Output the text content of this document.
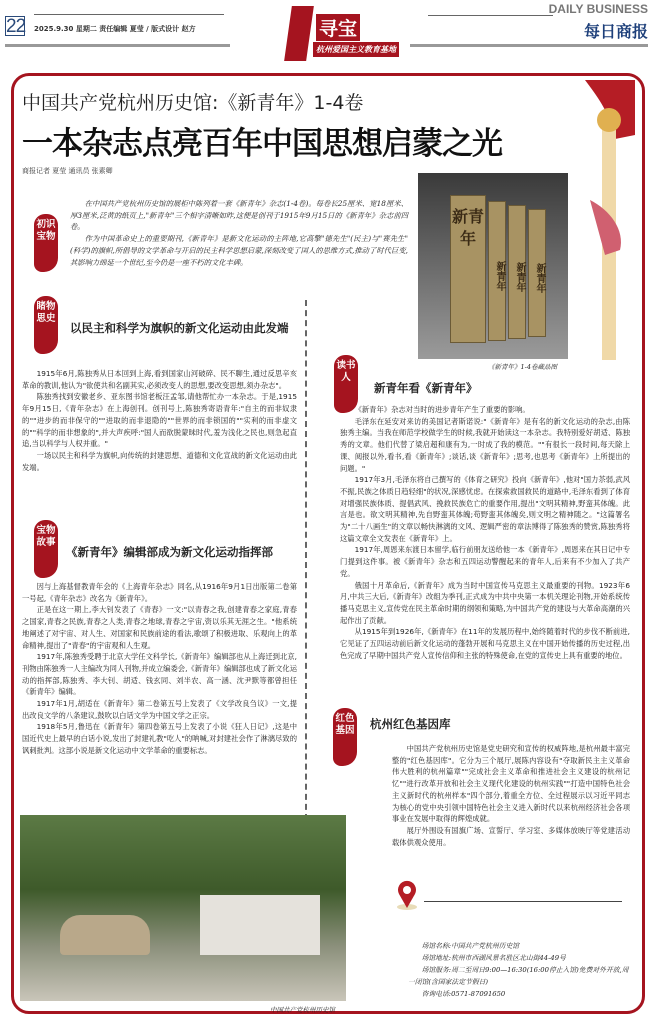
22 2025.9.30 星期二 责任编辑 夏莹 / 版式设计 赵方	寻宝
杭州爱国主义教育基地
DAILY BUSINESS
每日商报
中国共产党杭州历史馆:《新青年》1-4卷
一本杂志点亮百年中国思想启蒙之光
商报记者 夏莹 通讯员 张素卿
初识宝物

在中国共产党杭州历史馆的展柜中陈列着一套《新青年》杂志(1-4卷)。每卷长25厘米、宽18厘米、厚3厘米,泛黄的纸页上,"新青年"三个相字清晰如昨,这便是创刊于1915年9月15日的《新青年》杂志前四卷。

作为中国革命史上的重要期刊,《新青年》是新文化运动的主阵地,它高擎"德先生"(民主)与"赛先生"(科学)的旗帜,所倡导的文学革命与开启的民主科学思想启蒙,深刻改变了国人的思维方式,推动了时代巨变,其影响力绵延一个世纪,至今仍是一座不朽的文化丰碑。

新青年
新青年 新青年 新青年
《新青年》1-4卷藏品图
睹物思史
以民主和科学为旗帜的新文化运动由此发端

1915年6月,陈独秀从日本回到上海,看到国家山河破碎、民不聊生,通过反思辛亥革命的教训,他认为"欲使共和名副其实,必须改变人的思想,要改变思想,须办杂志"。

陈独秀找到安徽老乡、亚东图书馆老板汪孟邹,请他帮忙办一本杂志。于是,1915年9月15日,《青年杂志》在上海创刊。创刊号上,陈独秀寄语青年:"自主的而非奴隶的""进步的而非保守的""进取的而非退隐的""世界的而非锁国的""实利的而非虚文的""科学的而非想象的",并大声疾呼:"国人而欲脱蒙昧时代,羞为浅化之民也,则急起直追,当以科学与人权并重。"

一场以民主和科学为旗帜,向传统的封建思想、道德和文化宣战的新文化运动由此发端。

宝物故事
《新青年》编辑部成为新文化运动指挥部

因与上海基督教青年会的《上海青年杂志》同名,从1916年9月1日出版第二卷第一号起,《青年杂志》改名为《新青年》。

正是在这一期上,李大钊发表了《青春》一文:"以青春之我,创建青春之家庭,青春之国家,青春之民族,青春之人类,青春之地球,青春之宇宙,资以乐其无涯之生。"他系统地阐述了对宇宙、对人生、对国家和民族前途的看法,歌颂了积极进取、乐观向上的革命精神,提出了"青春"的宇宙观和人生观。

1917年,陈独秀受聘于北京大学任文科学长,《新青年》编辑部也从上海迁到北京,刊物由陈独秀一人主编改为同人刊物,并成立编委会,《新青年》编辑部也成了新文化运动的指挥部,陈独秀、李大钊、胡适、钱玄同、刘半农、高一涵、沈尹默等都曾担任《新青年》编辑。

1917年1月,胡适在《新青年》第二卷第五号上发表了《文学改良刍议》一文,提出改良文学的八条建议,鼓吹以白话文学为中国文学之正宗。

1918年5月,鲁迅在《新青年》第四卷第五号上发表了小说《狂人日记》,这是中国近代史上最早的白话小说,发出了封建礼教"吃人"的呐喊,对封建社会作了淋漓尽致的讽刺批判。这部小说是新文化运动中文学革命的重要标志。

读书人
新青年看《新青年》

《新青年》杂志对当时的进步青年产生了重要的影响。

毛泽东在延安对来访的美国记者斯诺说:"《新青年》是有名的新文化运动的杂志,由陈独秀主编。当我在师范学校做学生的时候,我就开始读这一本杂志。我特别爱好胡适、陈独秀的文章。他们代替了梁启超和康有为,一时成了我的模范。""有很长一段时间,每天除上课、阅报以外,看书,看《新青年》;谈话,谈《新青年》;思考,也思考《新青年》上所提出的问题。"

1917年3月,毛泽东将自己撰写的《体育之研究》投向《新青年》,他对"国力苶弱,武风不振,民族之体质日趋轻细"的状况,深感忧虑。在探索救国救民的道路中,毛泽东看到了体育对增强民族体质、提倡武风、挽救民族危亡的重要作用,提出"文明其精神,野蛮其体魄。此言是也。欲文明其精神,先自野蛮其体魄;苟野蛮其体魄矣,则文明之精神随之。"这篇署名为"二十八画生"的文章以畅快淋漓的文风、逻辑严密的章法博得了陈独秀的赞赏,陈独秀将这篇文章全文发表在《新青年》上。

1917年,周恩来东渡日本留学,临行前朋友送给他一本《新青年》,周恩来在其日记中专门提到这件事。被《新青年》杂志和五四运动警醒起来的青年人,后来有不少加入了共产党。

俄国十月革命后,《新青年》成为当时中国宣传马克思主义最重要的刊物。1923年6月,中共三大后,《新青年》改组为季刊,正式成为中共中央第一本机关理论刊物,开始系统传播马克思主义,宣传党在民主革命时期的纲领和策略,为中国共产党的建设与大革命高潮的兴起作出了贡献。

从1915年到1926年,《新青年》在11年的发展历程中,始终随着时代的步伐不断前进,它见证了五四运动前后新文化运动的蓬勃开展和马克思主义在中国开始传播的历史过程,出色完成了早期中国共产党人宣传信仰和主张的特殊使命,在党的宣传史上具有重要的地位。

红色基因 杭州红色基因库

中国共产党杭州历史馆是党史研究和宣传的权威阵地,是杭州最丰富完整的"红色基因库"。它分为三个展厅,展陈内容设有"夺取新民主主义革命伟大胜利的杭州篇章""完成社会主义革命和推进社会主义建设的杭州记忆""进行改革开放和社会主义现代化建设的杭州实践""打造中国特色社会主义新时代的杭州样本"四个部分,着重全方位、全过程展示以习近平同志为核心的党中央引领中国特色社会主义进入新时代以来杭州经济社会各项事业在发展中取得的辉煌成就。

展厅外围设有国旗广场、宣誓厅、学习室、多媒体放映厅等党建活动载体供观众使用。

中国共产党杭州历史馆

场馆名称:中国共产党杭州历史馆

场馆地址:杭州市西湖风景名胜区北山街44-49号

场馆服务:周二至周日9:00—16:30(16:00停止入馆)免费对外开放,周一闭馆(含国家法定节假日)

咨询电话:0571-87091650
